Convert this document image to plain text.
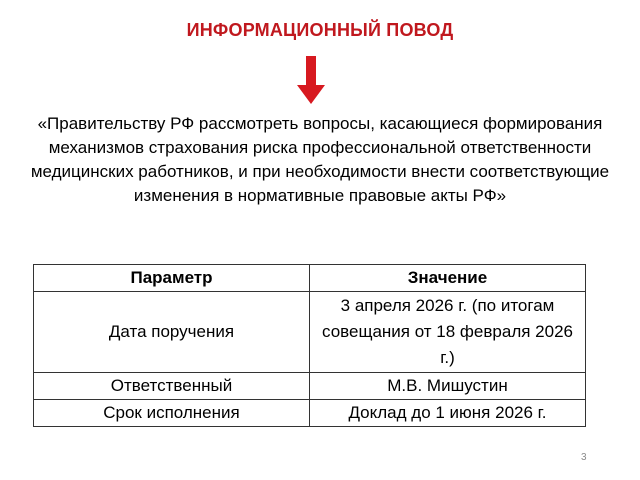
ИНФОРМАЦИОННЫЙ ПОВОД

«Правительству РФ рассмотреть вопросы, касающиеся формирования механизмов страхования риска профессиональной ответственности медицинских работников, и при необходимости внести соответствующие изменения в нормативные правовые акты РФ»

Параметр	Значение
Дата поручения	3 апреля 2026 г. (по итогам совещания от 18 февраля 2026 г.)
Ответственный	М.В. Мишустин
Срок исполнения	Доклад до 1 июня 2026 г.
3
